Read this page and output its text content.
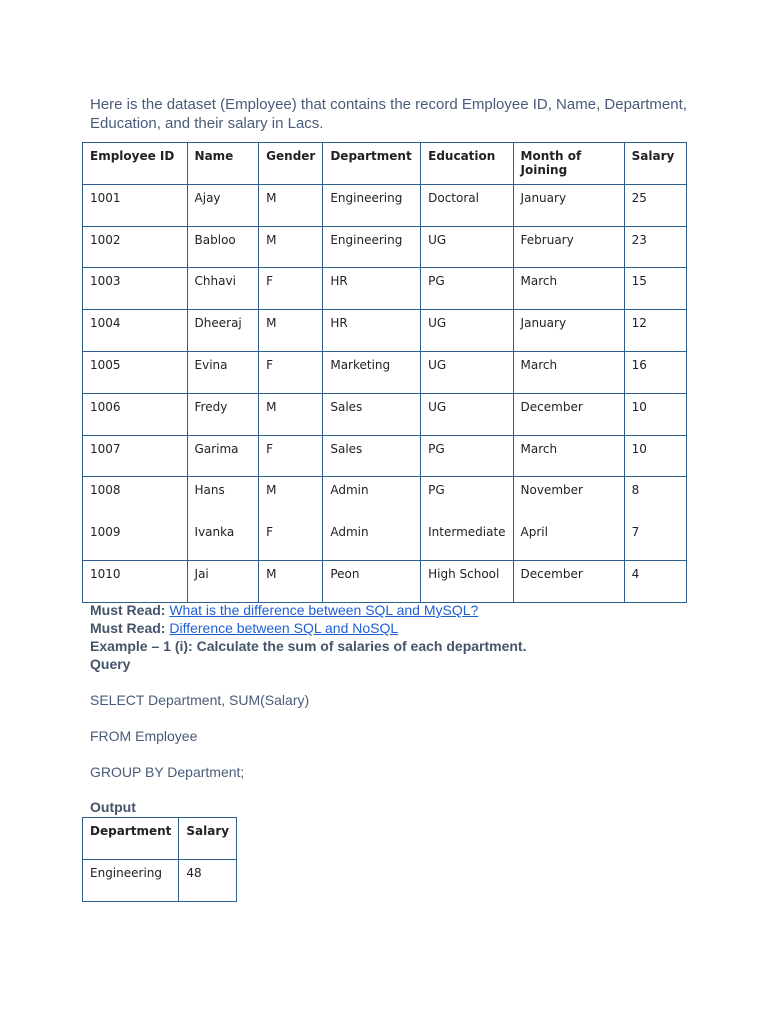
Here is the dataset (Employee) that contains the record Employee ID, Name, Department, Education, and their salary in Lacs.
Employee ID	Name	Gender	Department	Education	Month of Joining	Salary
1001	Ajay	M	Engineering	Doctoral	January	25
1002	Babloo	M	Engineering	UG	February	23
1003	Chhavi	F	HR	PG	March	15
1004	Dheeraj	M	HR	UG	January	12
1005	Evina	F	Marketing	UG	March	16
1006	Fredy	M	Sales	UG	December	10
1007	Garima	F	Sales	PG	March	10
1008	Hans	M	Admin	PG	November	8
1009	Ivanka	F	Admin	Intermediate	April	7
1010	Jai	M	Peon	High School	December	4
Must Read: What is the difference between SQL and MySQL?
Must Read: Difference between SQL and NoSQL
Example – 1 (i): Calculate the sum of salaries of each department.
Query
SELECT Department, SUM(Salary)
FROM Employee
GROUP BY Department;
Output
Department	Salary
Engineering	48
